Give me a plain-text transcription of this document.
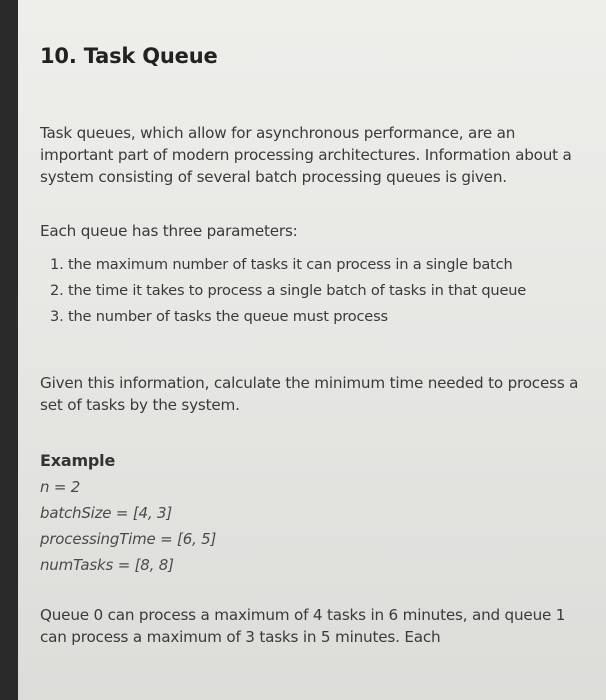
10. Task Queue
Task queues, which allow for asynchronous performance, are an important part of modern processing architectures. Information about a system consisting of several batch processing queues is given.
Each queue has three parameters:
1. the maximum number of tasks it can process in a single batch
2. the time it takes to process a single batch of tasks in that queue
3. the number of tasks the queue must process
Given this information, calculate the minimum time needed to process a set of tasks by the system.
Example
n = 2
batchSize = [4, 3]
processingTime = [6, 5]
numTasks = [8, 8]
Queue 0 can process a maximum of 4 tasks in 6 minutes, and queue 1 can process a maximum of 3 tasks in 5 minutes. Each
